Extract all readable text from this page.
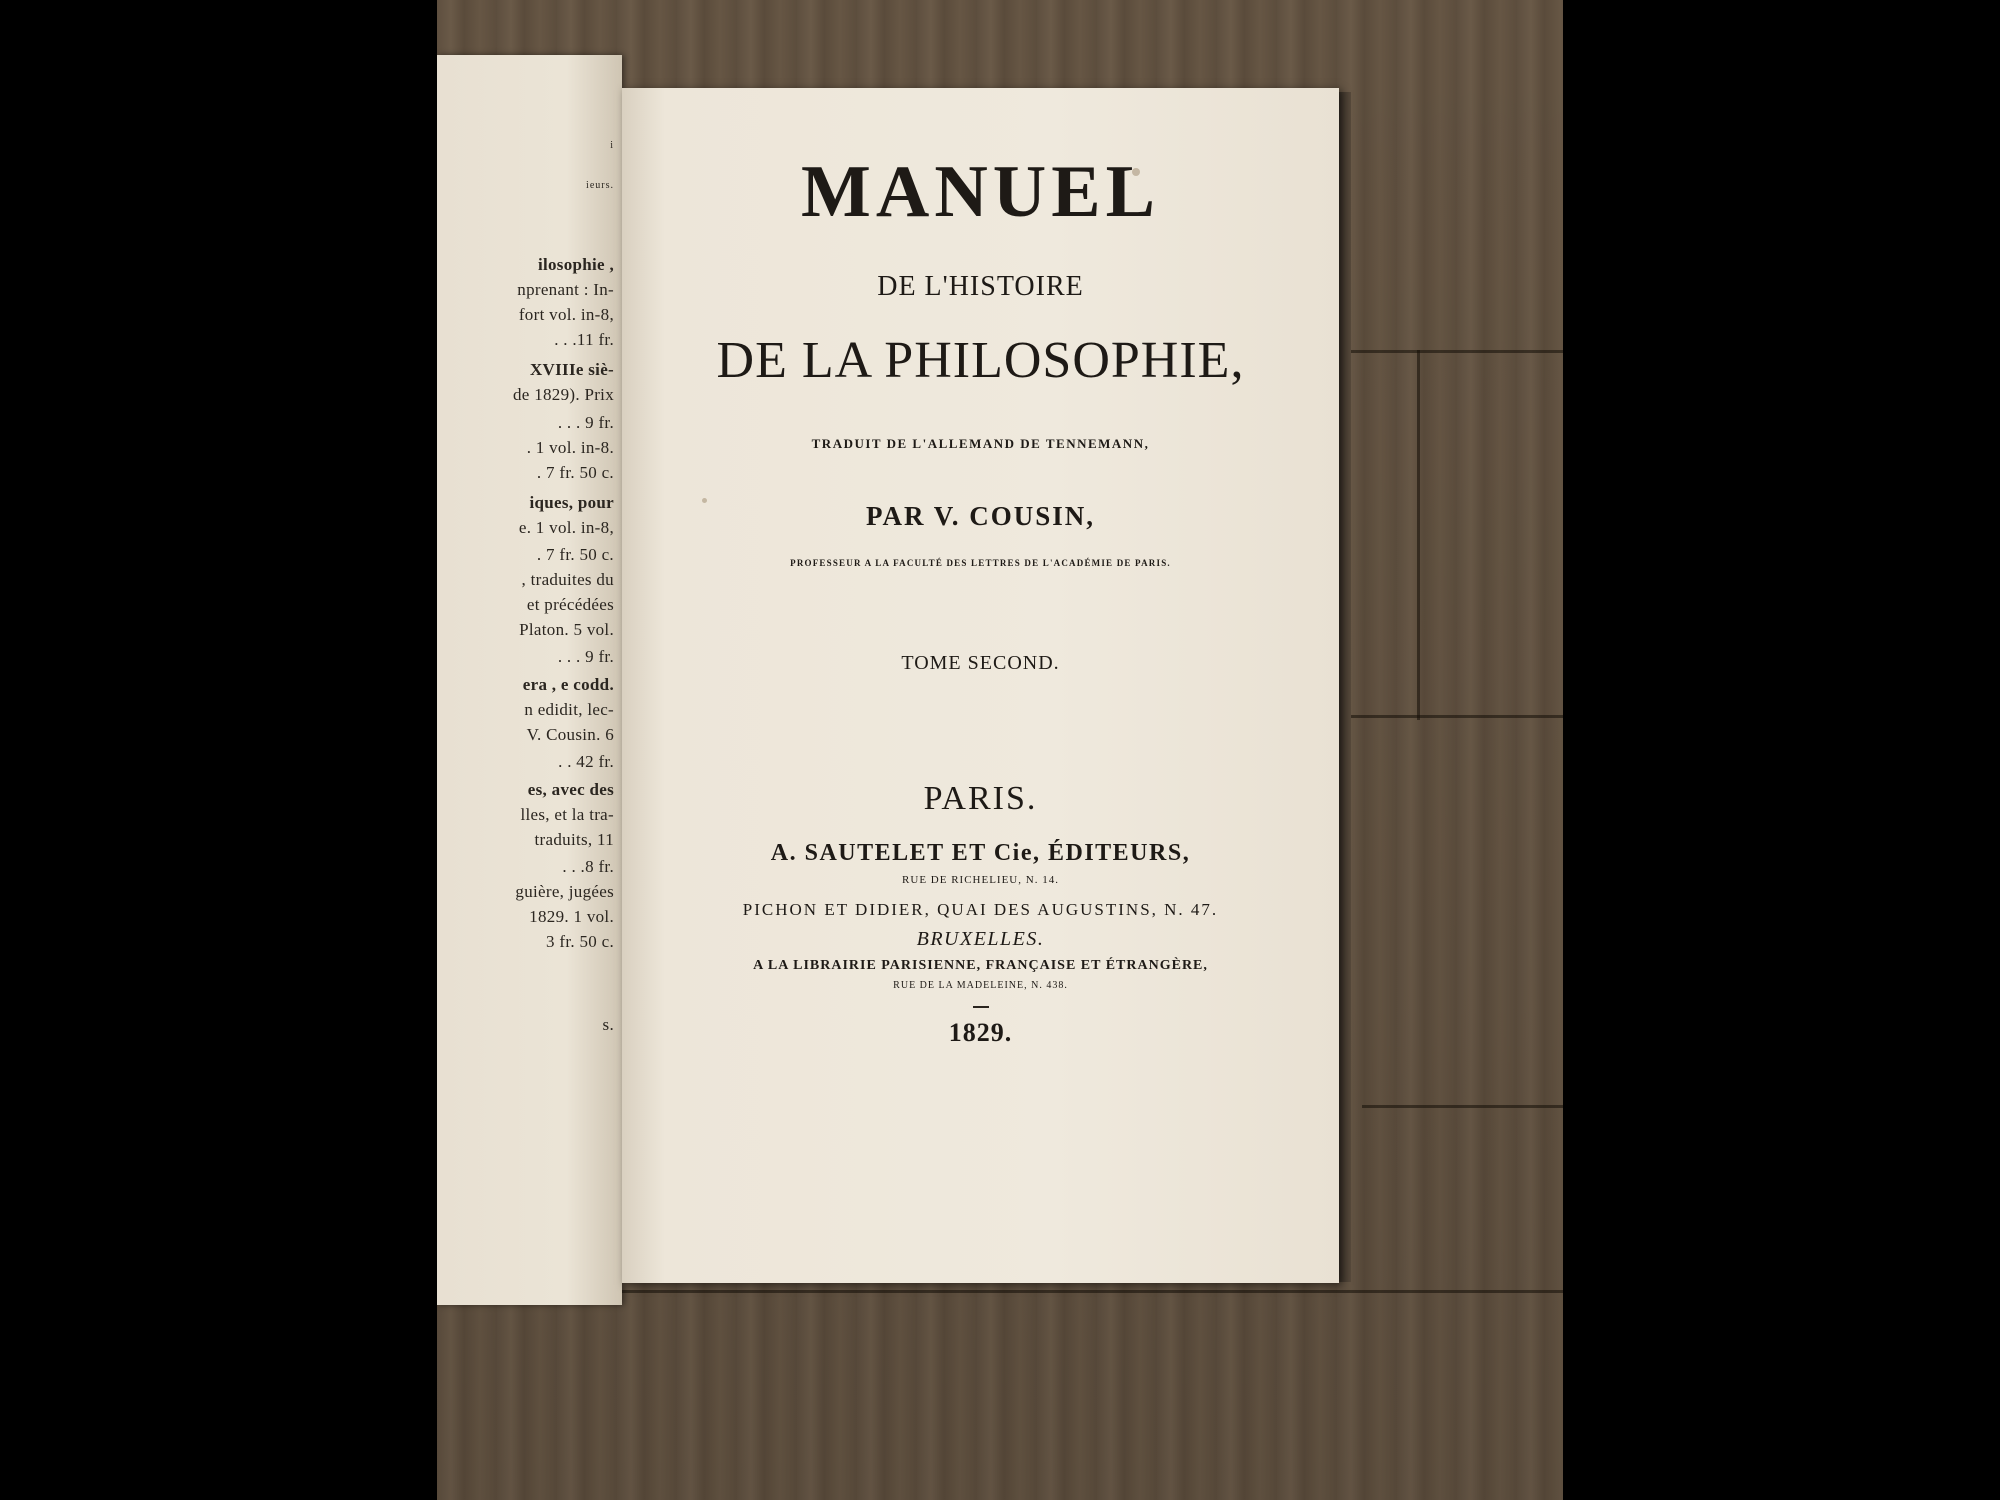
i
ieurs.
ilosophie ,
nprenant : In-
fort vol. in-8,
. . .11 fr.
XVIIIe siè-
de 1829). Prix
. . . 9 fr.
. 1 vol. in-8.
. 7 fr. 50 c.
iques, pour
e. 1 vol. in-8,
. 7 fr. 50 c.
, traduites du
et précédées
Platon. 5 vol.
. . . 9 fr.
era , e codd.
n edidit, lec-
V. Cousin. 6
. . 42 fr.
es, avec des
lles, et la tra-
traduits, 11
. . .8 fr.
guière, jugées
1829. 1 vol.
3 fr. 50 c.
s.
MANUEL
DE L'HISTOIRE
DE LA PHILOSOPHIE,
TRADUIT DE L'ALLEMAND DE TENNEMANN,
PAR V. COUSIN,
PROFESSEUR A LA FACULTÉ DES LETTRES DE L'ACADÉMIE DE PARIS.
TOME SECOND.
PARIS.
A. SAUTELET ET Cie, ÉDITEURS,
RUE DE RICHELIEU, N. 14.
PICHON ET DIDIER, QUAI DES AUGUSTINS, N. 47.
BRUXELLES.
A LA LIBRAIRIE PARISIENNE, FRANÇAISE ET ÉTRANGÈRE,
RUE DE LA MADELEINE, N. 438.
1829.
